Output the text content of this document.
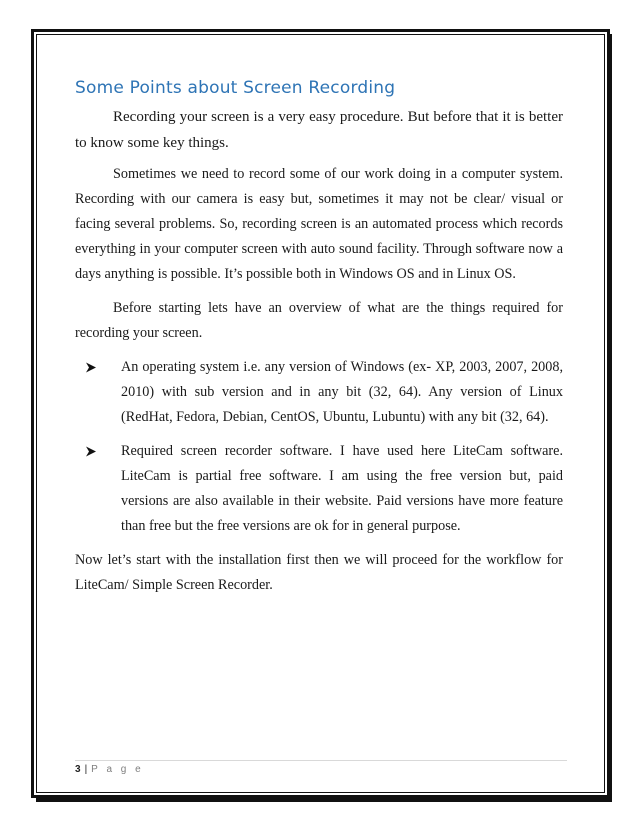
Some Points about Screen Recording

Recording your screen is a very easy procedure. But before that it is better to know some key things.

Sometimes we need to record some of our work doing in a computer system. Recording with our camera is easy but, sometimes it may not be clear/ visual or facing several problems. So, recording screen is an automated process which records everything in your computer screen with auto sound facility. Through software now a days anything is possible. It’s possible both in Windows OS and in Linux OS.

Before starting lets have an overview of what are the things required for recording your screen.

An operating system i.e. any version of Windows (ex- XP, 2003, 2007, 2008, 2010) with sub version and in any bit (32, 64). Any version of Linux (RedHat, Fedora, Debian, CentOS, Ubuntu, Lubuntu) with any bit (32, 64).
Required screen recorder software. I have used here LiteCam software. LiteCam is partial free software. I am using the free version but, paid versions are also available in their website. Paid versions have more feature than free but the free versions are ok for in general purpose.

Now let’s start with the installation first then we will proceed for the workflow for LiteCam/ Simple Screen Recorder.

3 | P a g e
